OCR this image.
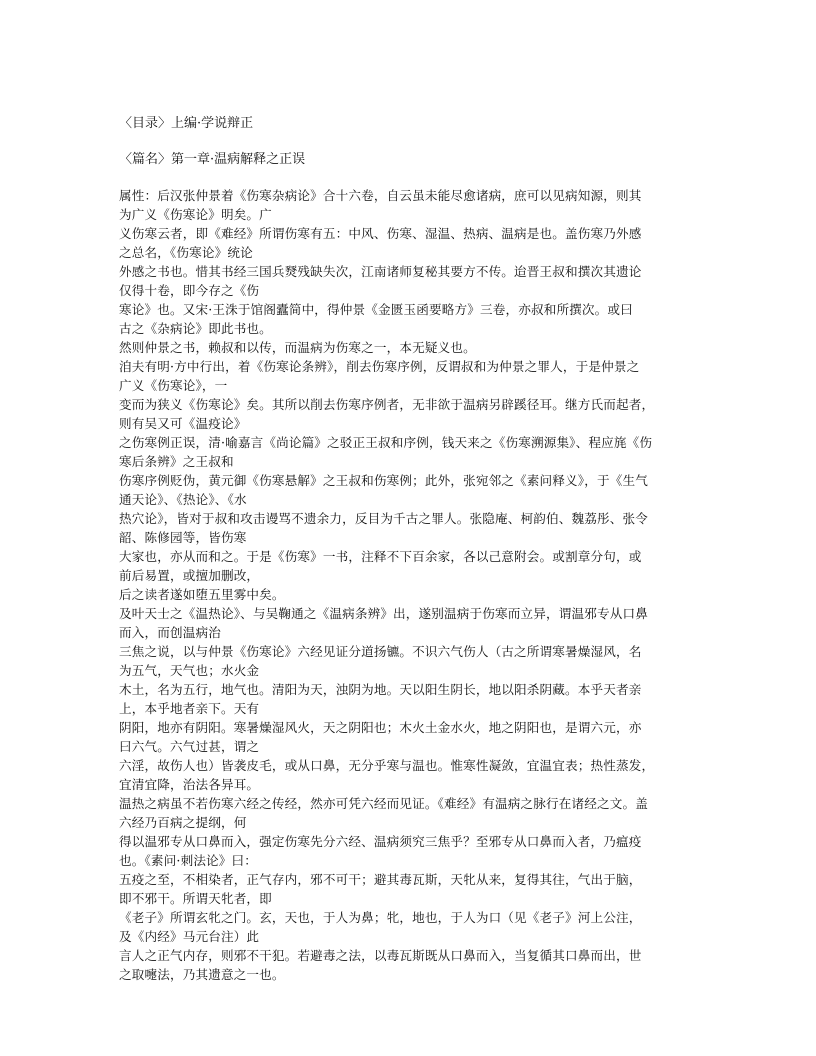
〈目录〉上编·学说辩正
〈篇名〉第一章·温病解释之正误
属性：后汉张仲景着《伤寒杂病论》合十六卷，自云虽未能尽愈诸病，庶可以见病知源，则其
为广义《伤寒论》明矣。广
义伤寒云者，即《难经》所谓伤寒有五：中风、伤寒、湿温、热病、温病是也。盖伤寒乃外感
之总名，《伤寒论》统论
外感之书也。惜其书经三国兵燹残缺失次，江南诸师复秘其要方不传。迨晋王叔和撰次其遗论
仅得十卷，即今存之《伤
寒论》也。又宋·王洙于馆阁蠹简中，得仲景《金匮玉函要略方》三卷，亦叔和所撰次。或曰
古之《杂病论》即此书也。
然则仲景之书，赖叔和以传，而温病为伤寒之一，本无疑义也。
洎夫有明·方中行出，着《伤寒论条辨》，削去伤寒序例，反谓叔和为仲景之罪人，于是仲景之
广义《伤寒论》，一
变而为狭义《伤寒论》矣。其所以削去伤寒序例者，无非欲于温病另辟蹊径耳。继方氏而起者，
则有吴又可《温疫论》
之伤寒例正误，清·喻嘉言《尚论篇》之驳正王叔和序例，钱天来之《伤寒溯源集》、程应旄《伤
寒后条辨》之王叔和
伤寒序例贬伪，黄元御《伤寒悬解》之王叔和伤寒例；此外，张宛邻之《素问释义》，于《生气
通天论》、《热论》、《水
热穴论》，皆对于叔和攻击谩骂不遗余力，反目为千古之罪人。张隐庵、柯韵伯、魏荔彤、张令
韶、陈修园等，皆伤寒
大家也，亦从而和之。于是《伤寒》一书，注释不下百余家，各以己意附会。或割章分句，或
前后易置，或擅加删改，
后之读者遂如堕五里雾中矣。
及叶天士之《温热论》、与吴鞠通之《温病条辨》出，遂别温病于伤寒而立异，谓温邪专从口鼻
而入，而创温病治
三焦之说，以与仲景《伤寒论》六经见证分道扬镳。不识六气伤人（古之所谓寒暑燥湿风，名
为五气，天气也；水火金
木土，名为五行，地气也。清阳为天，浊阴为地。天以阳生阴长，地以阳杀阴藏。本乎天者亲
上，本乎地者亲下。天有
阴阳，地亦有阴阳。寒暑燥湿风火，天之阴阳也；木火土金水火，地之阴阳也，是谓六元，亦
曰六气。六气过甚，谓之
六淫，故伤人也）皆袭皮毛，或从口鼻，无分乎寒与温也。惟寒性凝敛，宜温宜表；热性蒸发，
宜清宜降，治法各异耳。
温热之病虽不若伤寒六经之传经，然亦可凭六经而见证。《难经》有温病之脉行在诸经之文。盖
六经乃百病之提纲，何
得以温邪专从口鼻而入，强定伤寒先分六经、温病须究三焦乎？至邪专从口鼻而入者，乃瘟疫
也。《素问·刺法论》曰：
五疫之至，不相染者，正气存内，邪不可干；避其毒瓦斯，天牝从来，复得其往，气出于脑，
即不邪干。所谓天牝者，即
《老子》所谓玄牝之门。玄，天也，于人为鼻；牝，地也，于人为口（见《老子》河上公注，
及《内经》马元台注）此
言人之正气内存，则邪不干犯。若避毒之法，以毒瓦斯既从口鼻而入，当复循其口鼻而出，世
之取嚏法，乃其遗意之一也。
